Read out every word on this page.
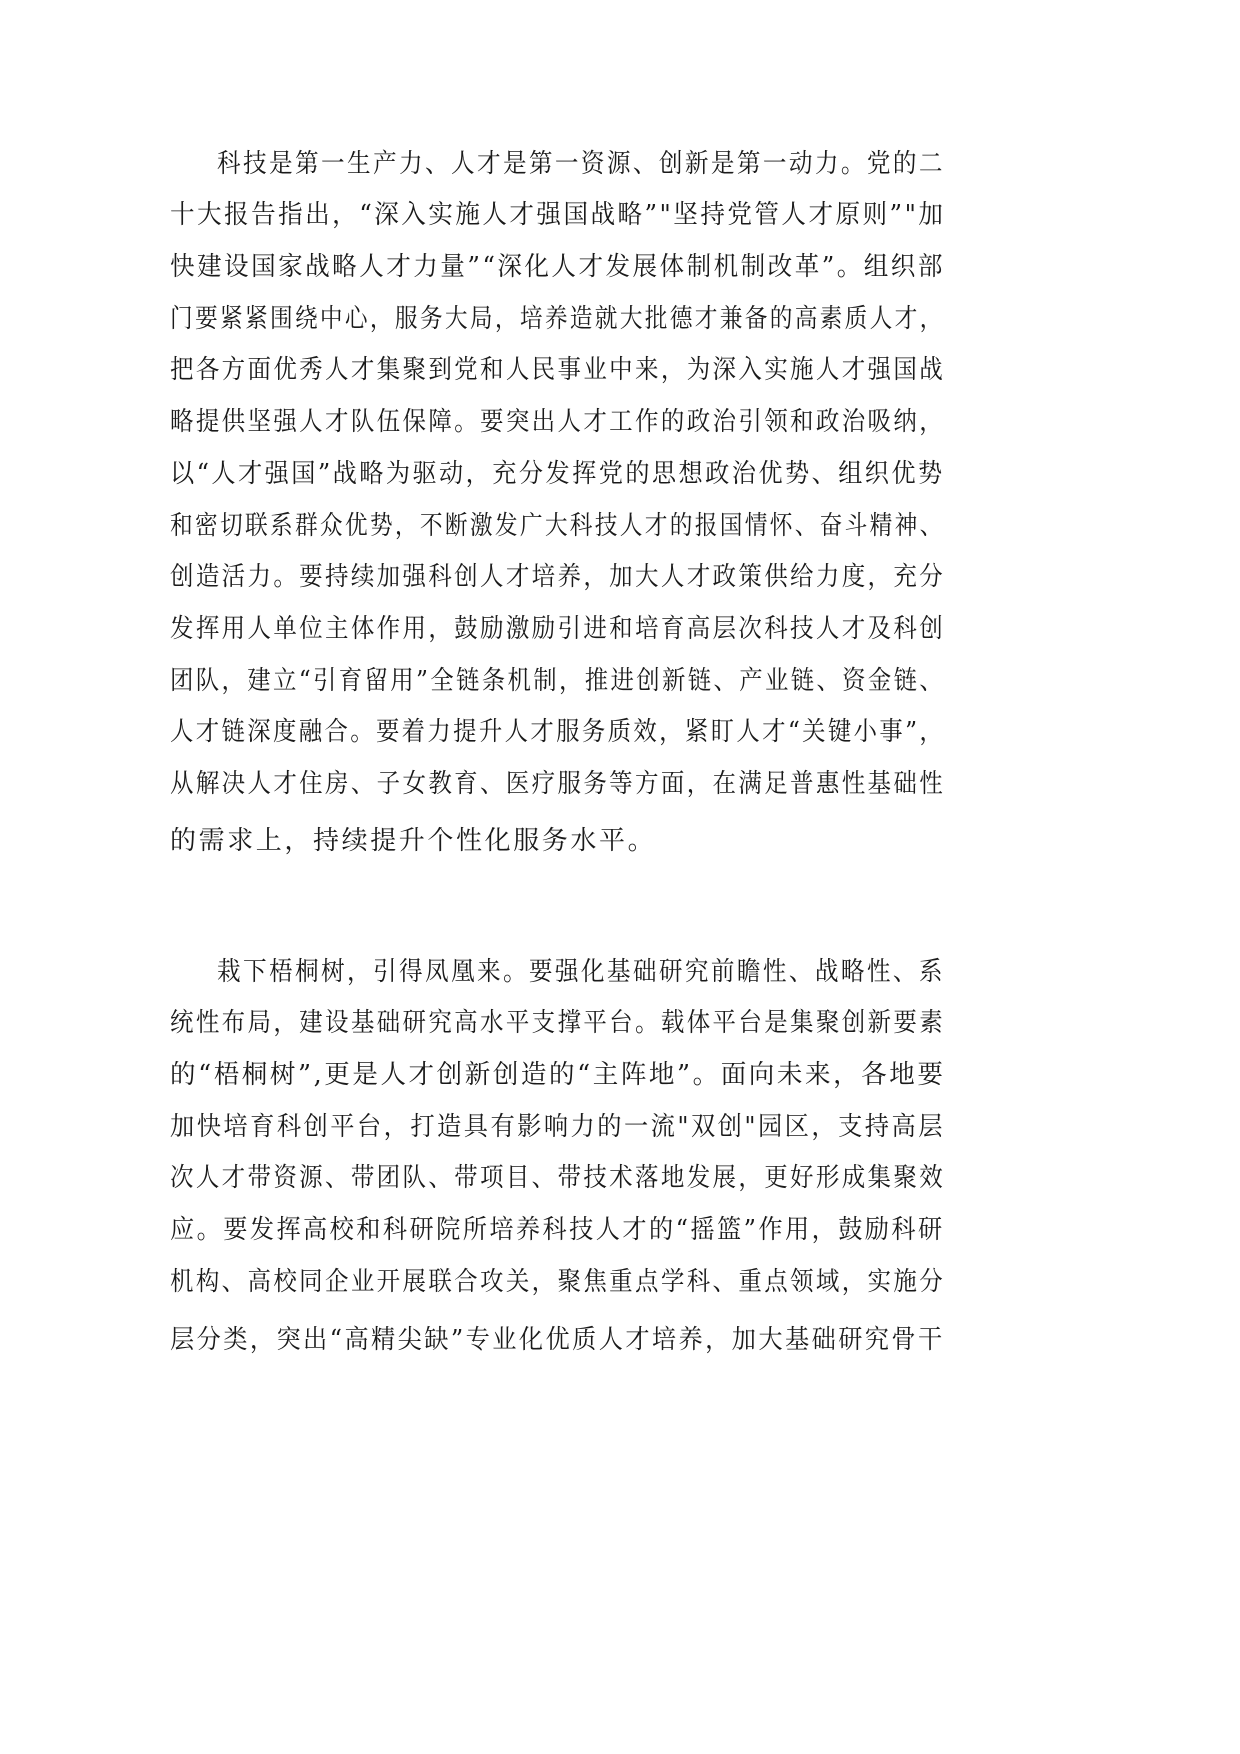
科技是第一生产力、人才是第一资源、创新是第一动力。党的二
十大报告指出，“深入实施人才强国战略”"坚持党管人才原则”"加
快建设国家战略人才力量”“深化人才发展体制机制改革”。组织部
门要紧紧围绕中心，服务大局，培养造就大批德才兼备的高素质人才，
把各方面优秀人才集聚到党和人民事业中来，为深入实施人才强国战
略提供坚强人才队伍保障。要突出人才工作的政治引领和政治吸纳，
以“人才强国”战略为驱动，充分发挥党的思想政治优势、组织优势
和密切联系群众优势，不断激发广大科技人才的报国情怀、奋斗精神、
创造活力。要持续加强科创人才培养，加大人才政策供给力度，充分
发挥用人单位主体作用，鼓励激励引进和培育高层次科技人才及科创
团队，建立“引育留用”全链条机制，推进创新链、产业链、资金链、
人才链深度融合。要着力提升人才服务质效，紧盯人才“关键小事”，
从解决人才住房、子女教育、医疗服务等方面，在满足普惠性基础性
的需求上，持续提升个性化服务水平。
栽下梧桐树，引得凤凰来。要强化基础研究前瞻性、战略性、系
统性布局，建设基础研究高水平支撑平台。载体平台是集聚创新要素
的“梧桐树”,更是人才创新创造的“主阵地”。面向未来，各地要
加快培育科创平台，打造具有影响力的一流"双创"园区，支持高层
次人才带资源、带团队、带项目、带技术落地发展，更好形成集聚效
应。要发挥高校和科研院所培养科技人才的“摇篮”作用，鼓励科研
机构、高校同企业开展联合攻关，聚焦重点学科、重点领域，实施分
层分类，突出“高精尖缺”专业化优质人才培养，加大基础研究骨干
